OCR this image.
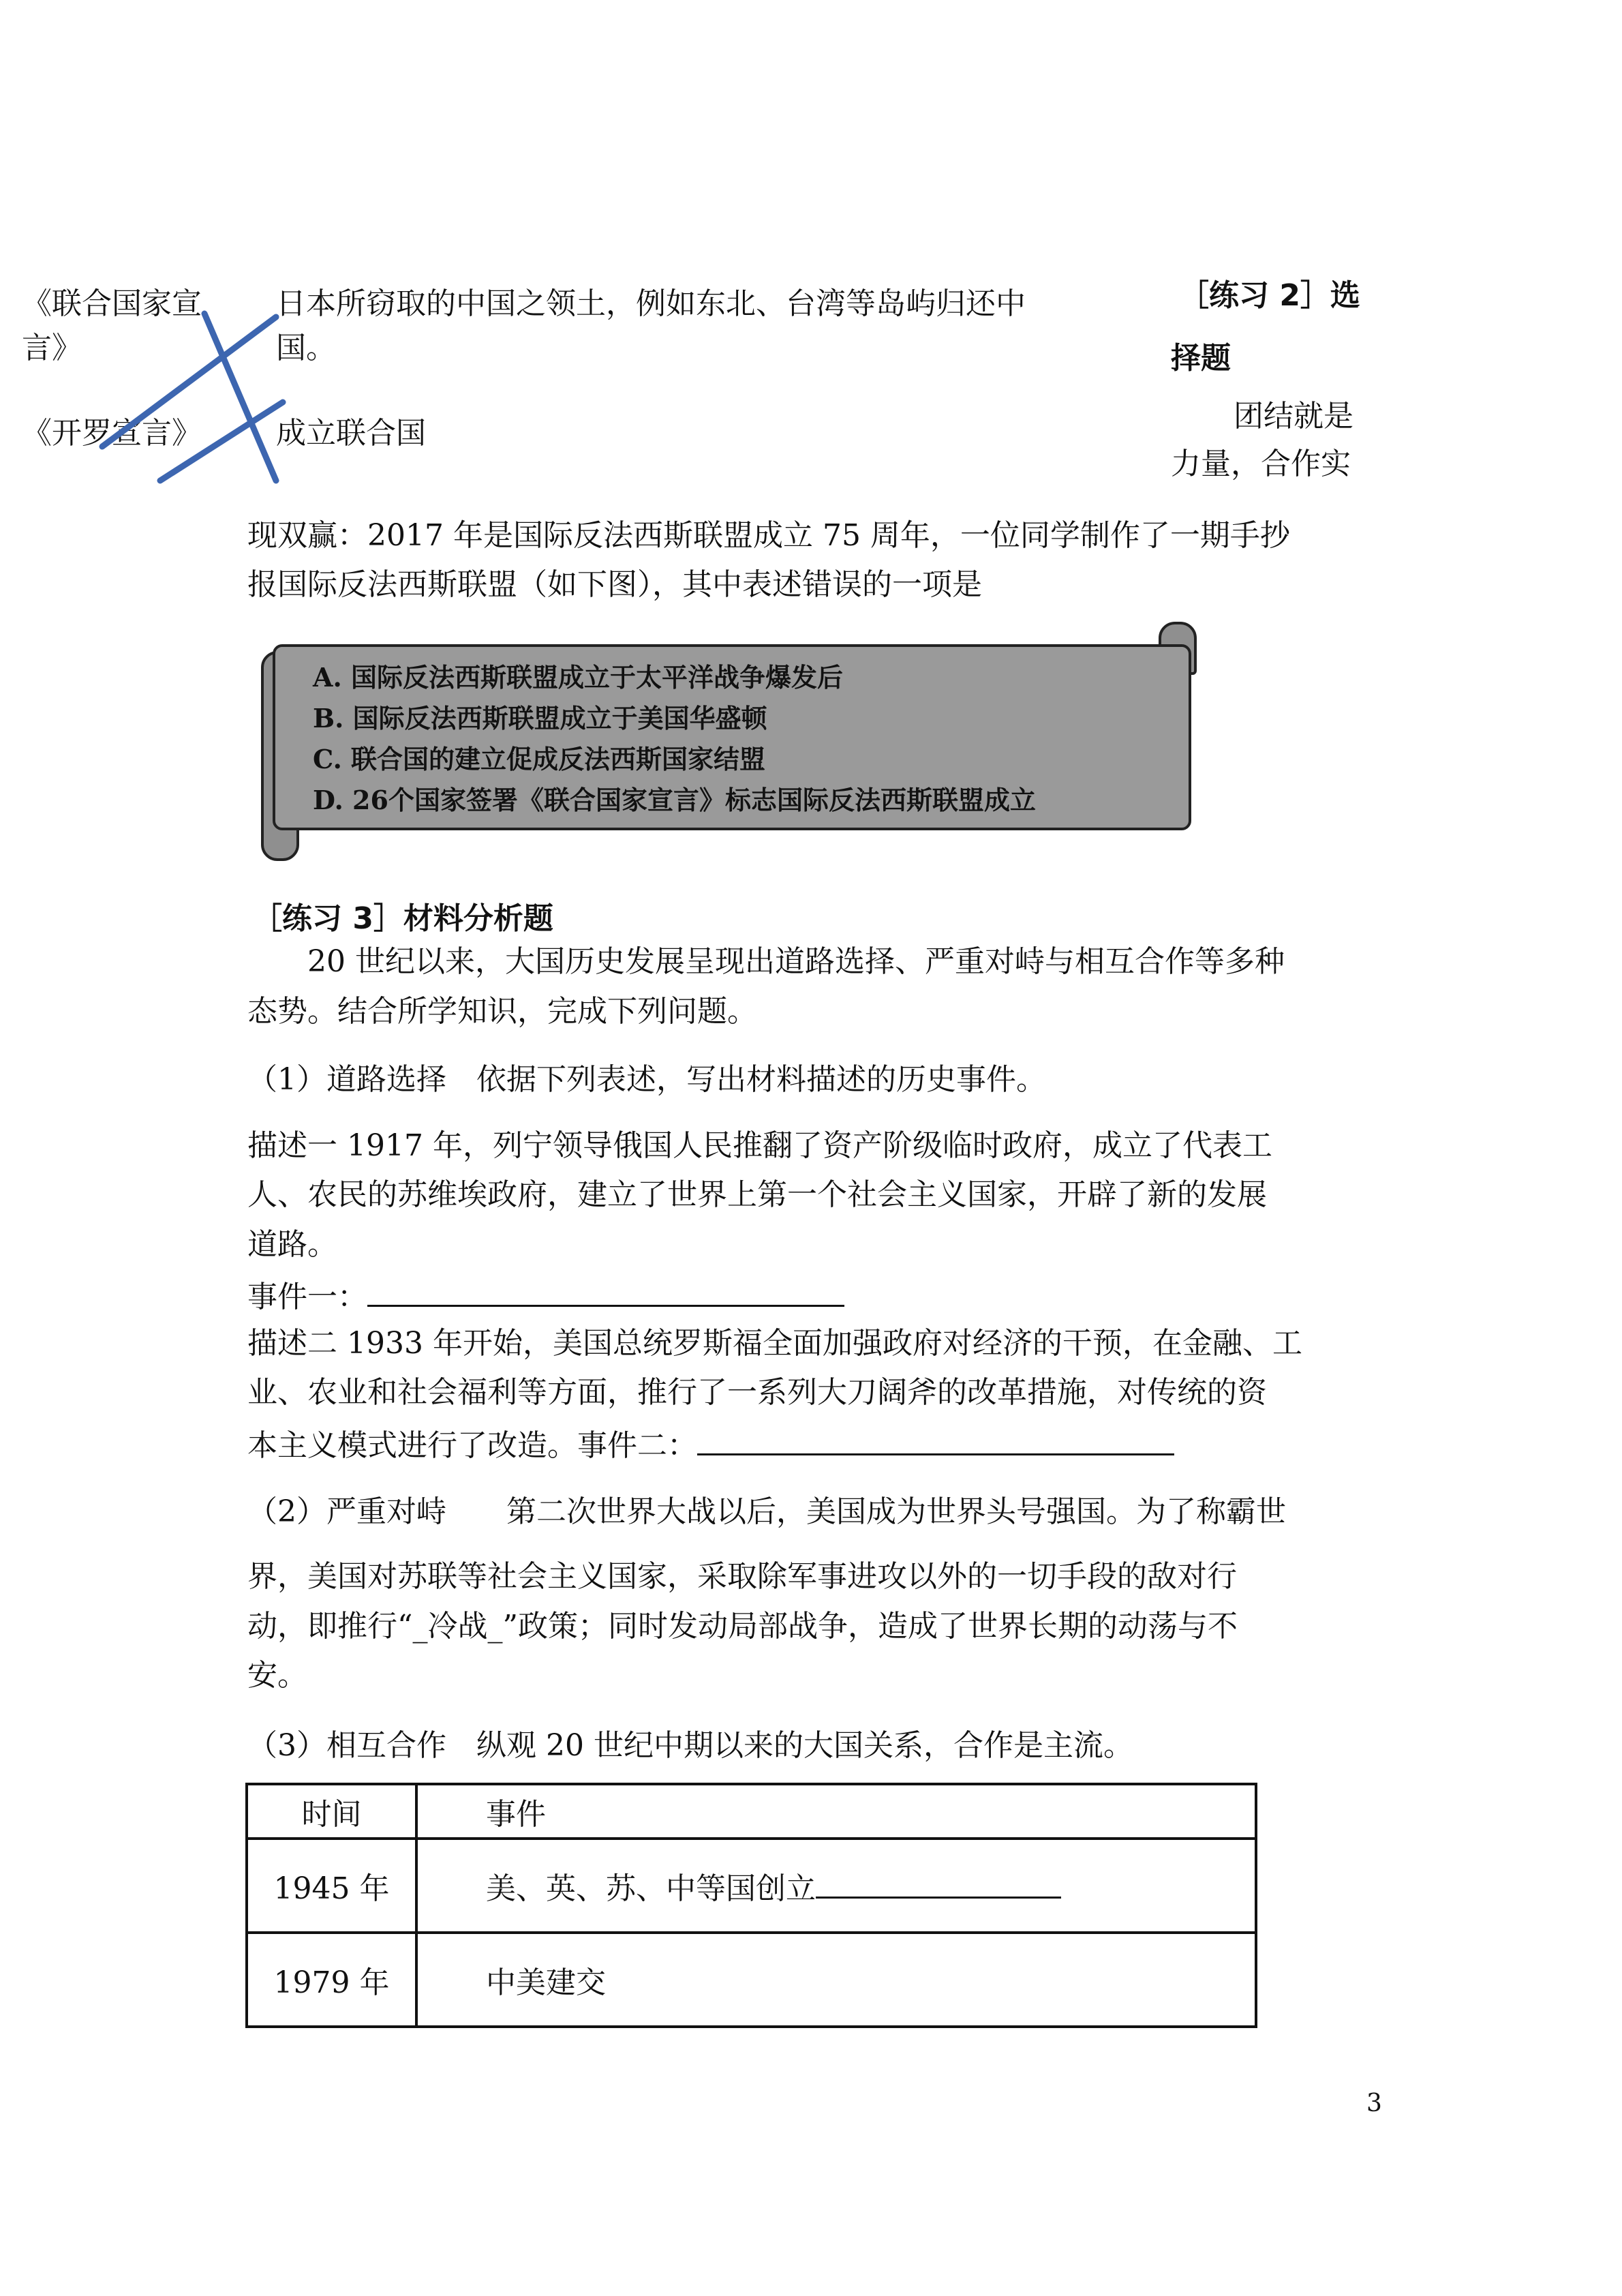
《联合国家宣
言》
《开罗宣言》
日本所窃取的中国之领土，例如东北、台湾等岛屿归还中
国。
成立联合国
［练习 2］选
择题
团结就是
力量，合作实
现双赢：2017 年是国际反法西斯联盟成立 75 周年，一位同学制作了一期手抄
报国际反法西斯联盟（如下图），其中表述错误的一项是
A. 国际反法西斯联盟成立于太平洋战争爆发后
B. 国际反法西斯联盟成立于美国华盛顿
C. 联合国的建立促成反法西斯国家结盟
D. 26个国家签署《联合国家宣言》标志国际反法西斯联盟成立
［练习 3］材料分析题
　　20 世纪以来，大国历史发展呈现出道路选择、严重对峙与相互合作等多种
态势。结合所学知识，完成下列问题。
（1）道路选择　依据下列表述，写出材料描述的历史事件。
描述一 1917 年，列宁领导俄国人民推翻了资产阶级临时政府，成立了代表工
人、农民的苏维埃政府，建立了世界上第一个社会主义国家，开辟了新的发展
道路。
事件一：
描述二 1933 年开始，美国总统罗斯福全面加强政府对经济的干预，在金融、工
业、农业和社会福利等方面，推行了一系列大刀阔斧的改革措施，对传统的资
本主义模式进行了改造。事件二：
（2）严重对峙　　第二次世界大战以后，美国成为世界头号强国。为了称霸世
界，美国对苏联等社会主义国家，采取除军事进攻以外的一切手段的敌对行
动，即推行“_冷战_”政策；同时发动局部战争，造成了世界长期的动荡与不
安。
（3）相互合作　纵观 20 世纪中期以来的大国关系，合作是主流。
时间	事件
1945 年	美、英、苏、中等国创立
1979 年	中美建交
3
